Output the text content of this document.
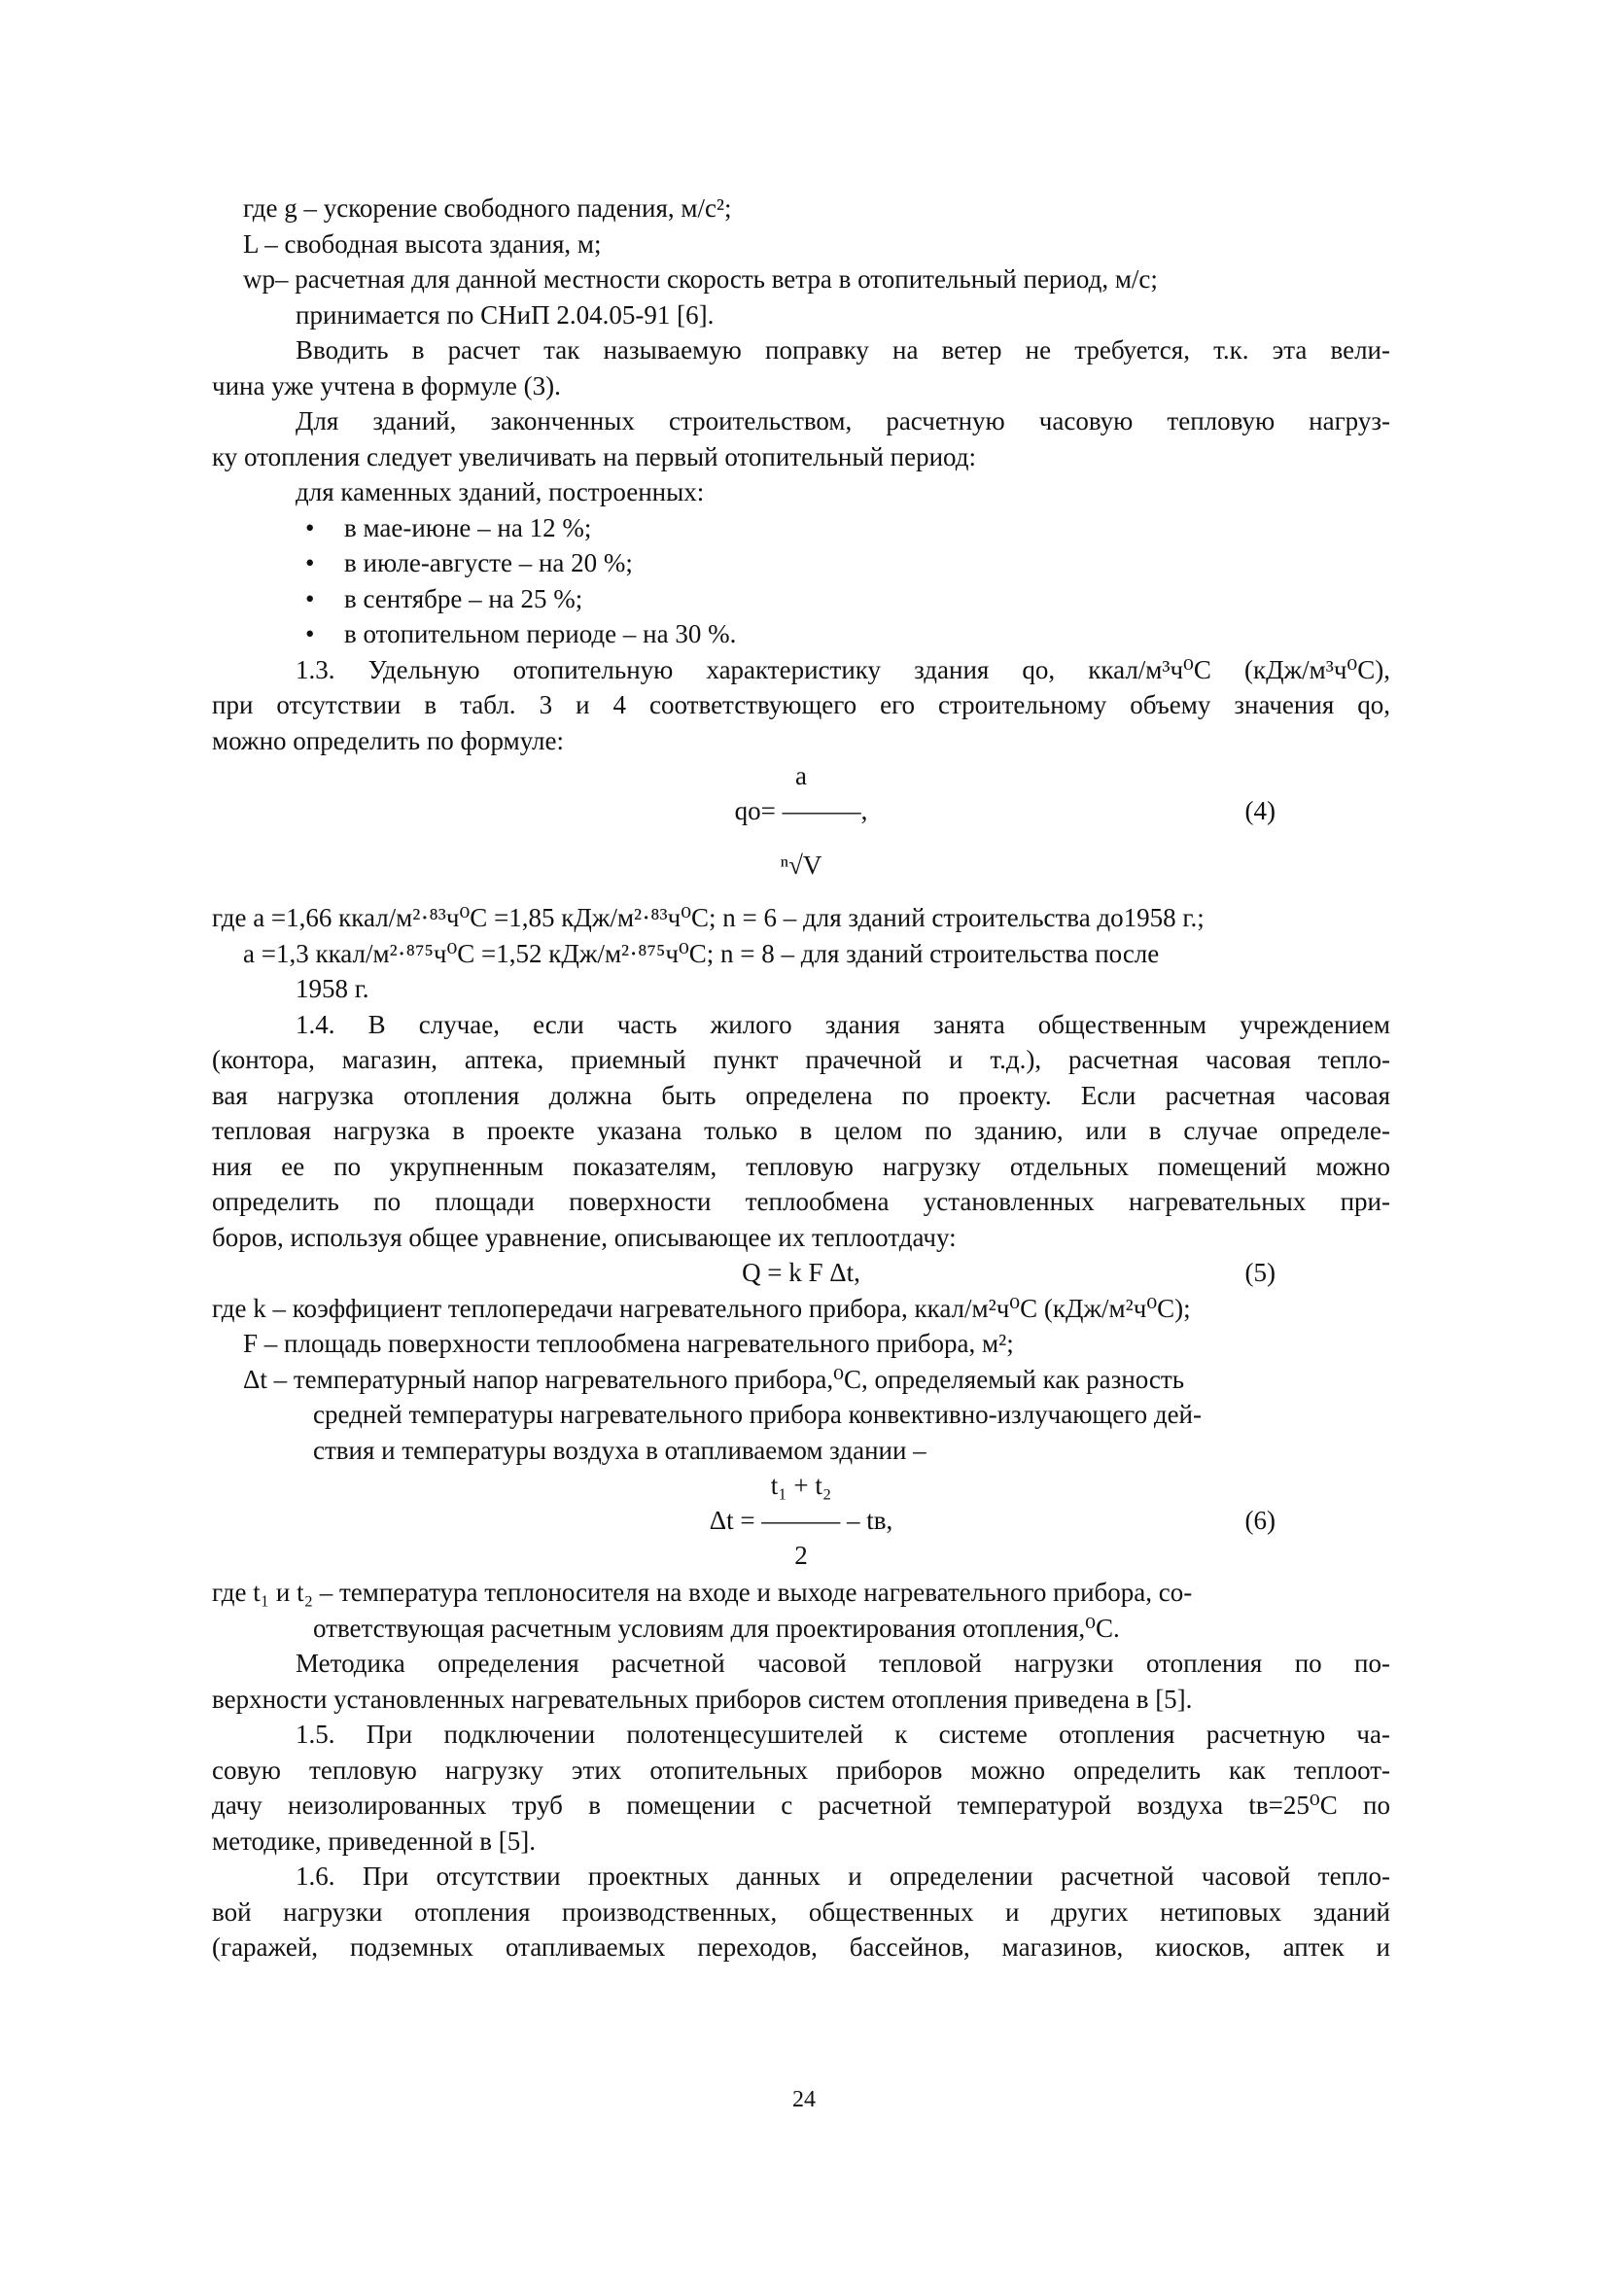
где g – ускорение свободного падения, м/с²;

L – свободная высота здания, м;

wр– расчетная для данной местности скорость ветра в отопительный период, м/с;

принимается по СНиП 2.04.05-91 [6].

Вводить в расчет так называемую поправку на ветер не требуется, т.к. эта вели-

чина уже учтена в формуле (3).

Для зданий, законченных строительством, расчетную часовую тепловую нагруз-

ку отопления следует увеличивать на первый отопительный период:

для каменных зданий, построенных:

• в мае-июне – на 12 %;
• в июле-августе – на 20 %;
• в сентябре – на 25 %;
• в отопительном периоде – на 30 %.

1.3. Удельную отопительную характеристику здания qo, ккал/м³ч⁰С (кДж/м³ч⁰С),

при отсутствии в табл. 3 и 4 соответствующего его строительному объему значения qo,

можно определить по формуле:

a
qo= ———,	(4)
ⁿ√V

где a =1,66 ккал/м²·⁸³ч⁰С =1,85 кДж/м²·⁸³ч⁰С; n = 6 – для зданий строительства до1958 г.;

a =1,3 ккал/м²·⁸⁷⁵ч⁰С =1,52 кДж/м²·⁸⁷⁵ч⁰С; n = 8 – для зданий строительства после

1958 г.

1.4. В случае, если часть жилого здания занята общественным учреждением

(контора, магазин, аптека, приемный пункт прачечной и т.д.), расчетная часовая тепло-

вая нагрузка отопления должна быть определена по проекту. Если расчетная часовая

тепловая нагрузка в проекте указана только в целом по зданию, или в случае определе-

ния ее по укрупненным показателям, тепловую нагрузку отдельных помещений можно

определить по площади поверхности теплообмена установленных нагревательных при-

боров, используя общее уравнение, описывающее их теплоотдачу:

Q = k F Δt,	(5)

где k – коэффициент теплопередачи нагревательного прибора, ккал/м²ч⁰С (кДж/м²ч⁰С);

F – площадь поверхности теплообмена нагревательного прибора, м²;

Δt – температурный напор нагревательного прибора,⁰С, определяемый как разность

средней температуры нагревательного прибора конвективно-излучающего дей-

ствия и температуры воздуха в отапливаемом здании –

t₁ + t₂
Δt = ——— – tв,	(6)
2

где t₁ и t₂ – температура теплоносителя на входе и выходе нагревательного прибора, со-

ответствующая расчетным условиям для проектирования отопления,⁰С.

Методика определения расчетной часовой тепловой нагрузки отопления по по-

верхности установленных нагревательных приборов систем отопления приведена в [5].

1.5. При подключении полотенцесушителей к системе отопления расчетную ча-

совую тепловую нагрузку этих отопительных приборов можно определить как теплоот-

дачу неизолированных труб в помещении с расчетной температурой воздуха tв=25⁰С по

методике, приведенной в [5].

1.6. При отсутствии проектных данных и определении расчетной часовой тепло-

вой нагрузки отопления производственных, общественных и других нетиповых зданий

(гаражей, подземных отапливаемых переходов, бассейнов, магазинов, киосков, аптек и

24
